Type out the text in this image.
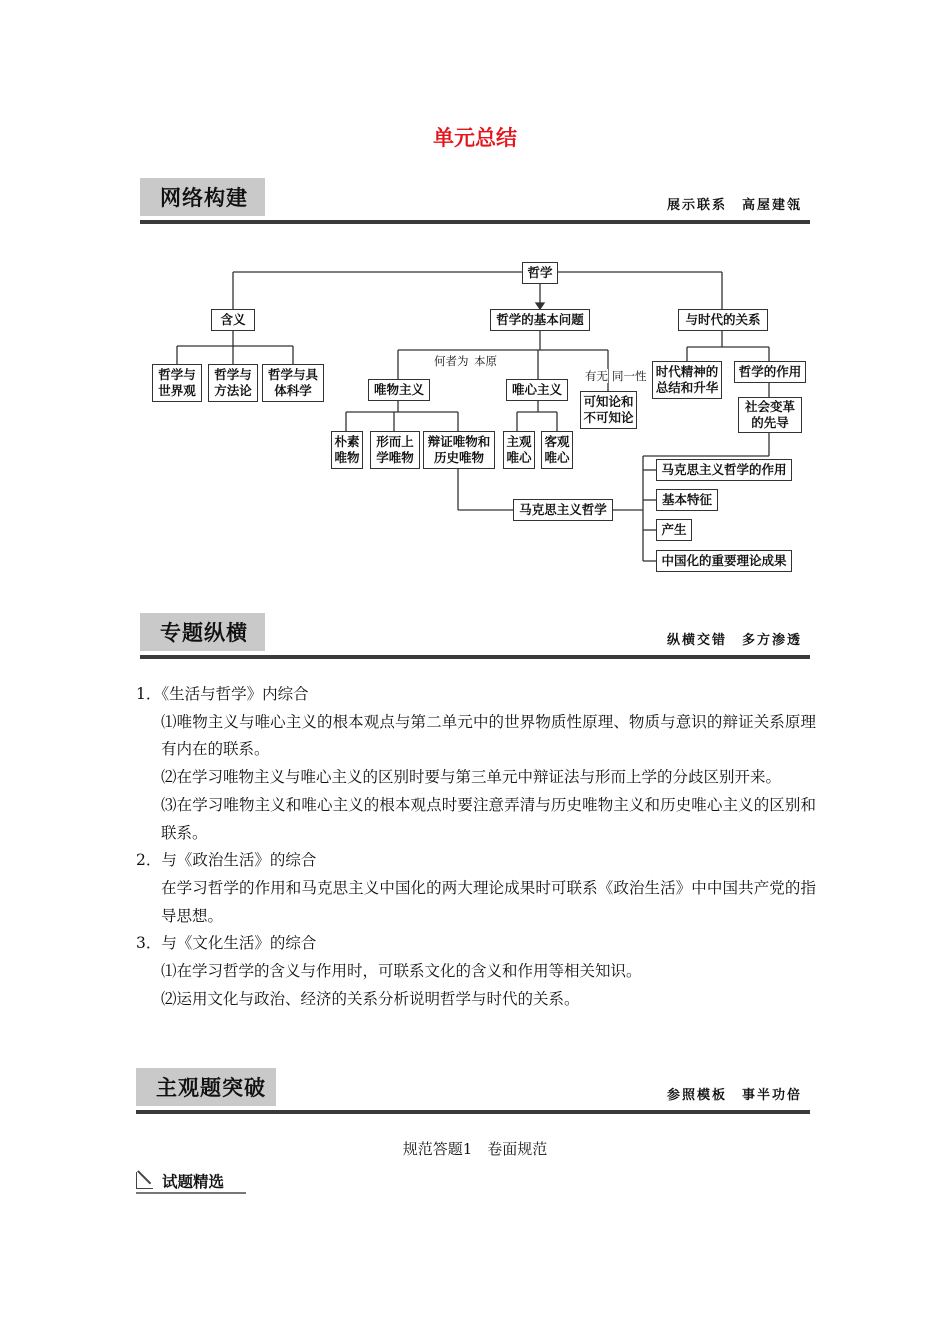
单元总结
网络构建	展示联系　高屋建瓴
哲学
含义	哲学的基本问题	与时代的关系
哲学与世界观
哲学与方法论
哲学与具体科学	唯物主义	唯心主义
可知论和不可知论
时代精神的总结和升华
哲学的作用
社会变革的先导
朴素唯物
形而上学唯物
辩证唯物和历史唯物
主观唯心
客观唯心
马克思主义哲学
马克思主义哲学的作用
基本特征
产生
中国化的重要理论成果
何者为 本原
有无 同一性
专题纵横	纵横交错　多方渗透

1．《生活与哲学》内综合

⑴唯物主义与唯心主义的根本观点与第二单元中的世界物质性原理、物质与意识的辩证关系原理有内在的联系。

⑵在学习唯物主义与唯心主义的区别时要与第三单元中辩证法与形而上学的分歧区别开来。

⑶在学习唯物主义和唯心主义的根本观点时要注意弄清与历史唯物主义和历史唯心主义的区别和联系。

2．与《政治生活》的综合

在学习哲学的作用和马克思主义中国化的两大理论成果时可联系《政治生活》中中国共产党的指导思想。

3．与《文化生活》的综合

⑴在学习哲学的含义与作用时，可联系文化的含义和作用等相关知识。

⑵运用文化与政治、经济的关系分析说明哲学与时代的关系。

主观题突破	参照模板　事半功倍
规范答题1　卷面规范
试题精选
